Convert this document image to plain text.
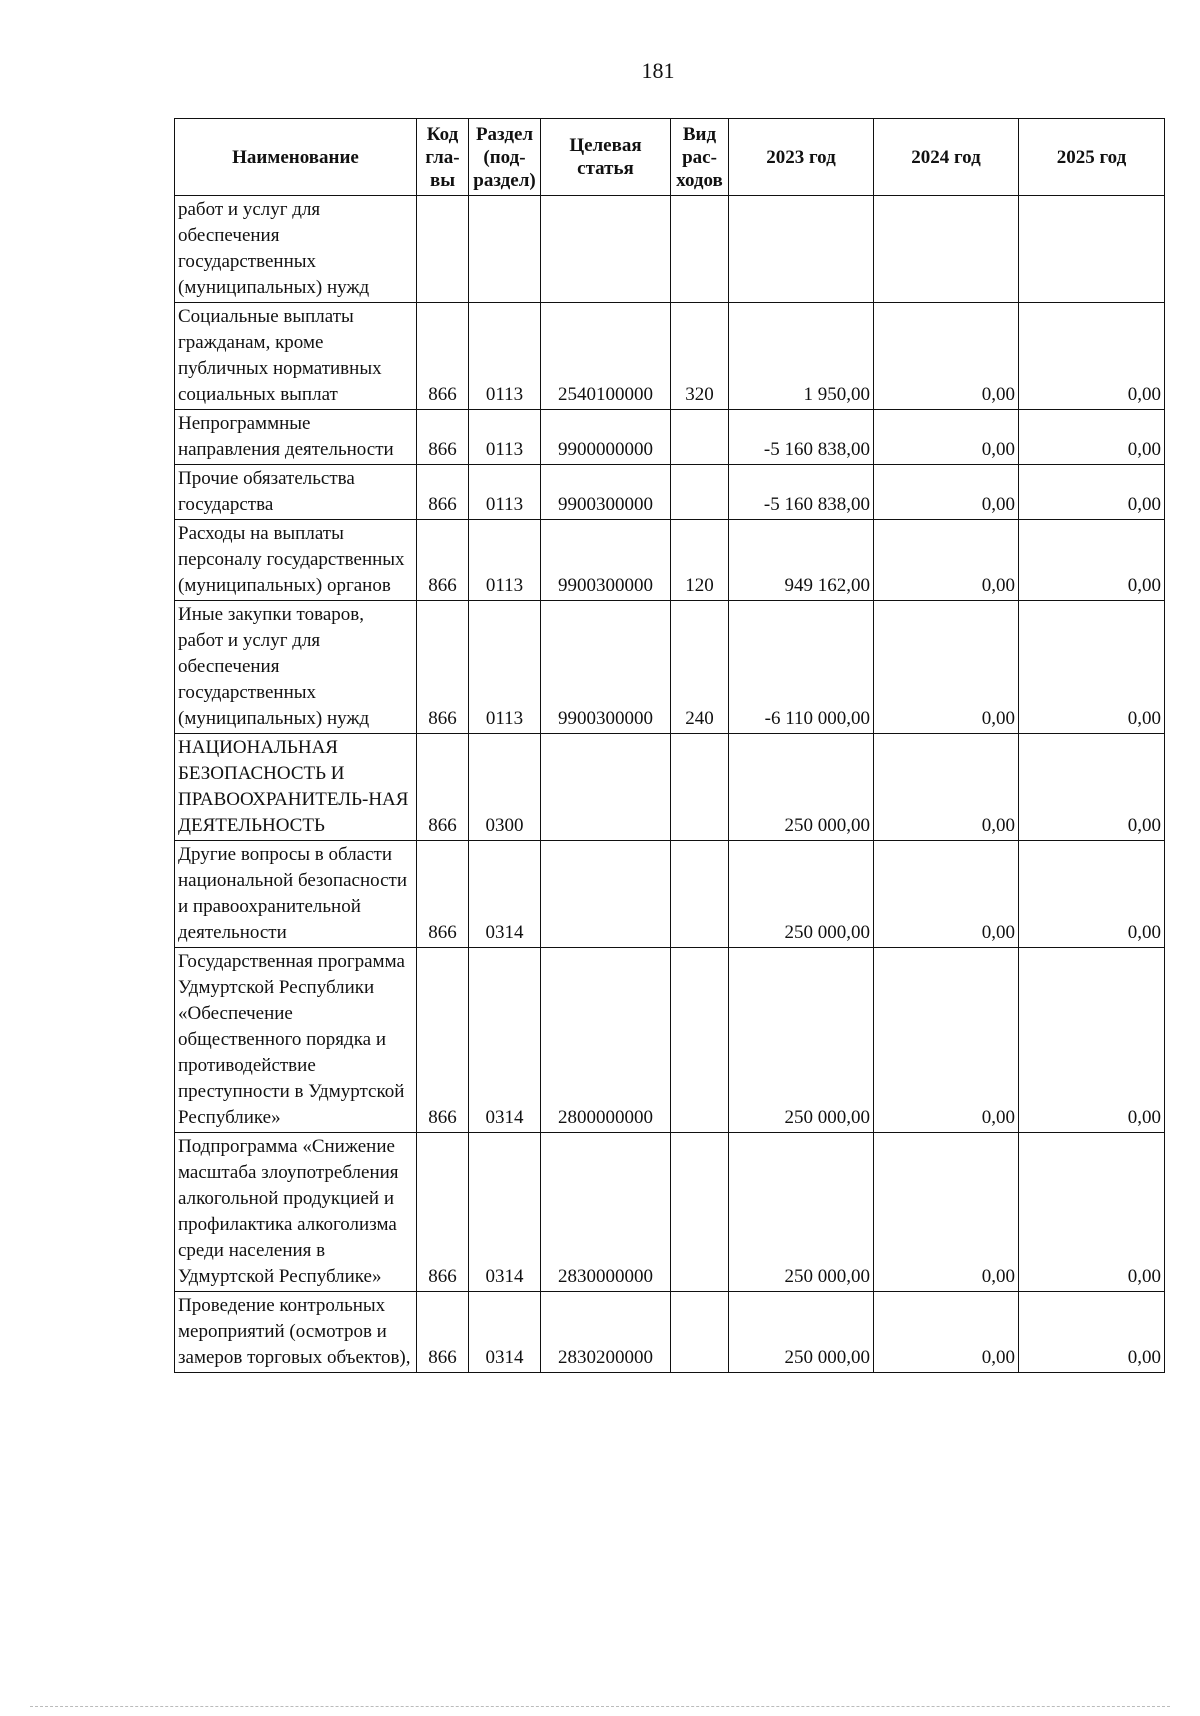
181
Наименование	Код гла-вы	Раздел (под-раздел)	Целевая статья	Вид рас-ходов	2023 год	2024 год	2025 год
работ и услуг для обеспечения государственных (муниципальных) нужд							
Социальные выплаты гражданам, кроме публичных нормативных социальных выплат	866	0113	2540100000	320	1 950,00	0,00	0,00
Непрограммные направления деятельности	866	0113	9900000000		-5 160 838,00	0,00	0,00
Прочие обязательства государства	866	0113	9900300000		-5 160 838,00	0,00	0,00
Расходы на выплаты персоналу государственных (муниципальных) органов	866	0113	9900300000	120	949 162,00	0,00	0,00
Иные закупки товаров, работ и услуг для обеспечения государственных (муниципальных) нужд	866	0113	9900300000	240	-6 110 000,00	0,00	0,00
НАЦИОНАЛЬНАЯ БЕЗОПАСНОСТЬ И ПРАВООХРАНИТЕЛЬ-НАЯ ДЕЯТЕЛЬНОСТЬ	866	0300			250 000,00	0,00	0,00
Другие вопросы в области национальной безопасности и правоохранительной деятельности	866	0314			250 000,00	0,00	0,00
Государственная программа Удмуртской Республики «Обеспечение общественного порядка и противодействие преступности в Удмуртской Республике»	866	0314	2800000000		250 000,00	0,00	0,00
Подпрограмма «Снижение масштаба злоупотребления алкогольной продукцией и профилактика алкоголизма среди населения в Удмуртской Республике»	866	0314	2830000000		250 000,00	0,00	0,00
Проведение контрольных мероприятий (осмотров и замеров торговых объектов),	866	0314	2830200000		250 000,00	0,00	0,00
